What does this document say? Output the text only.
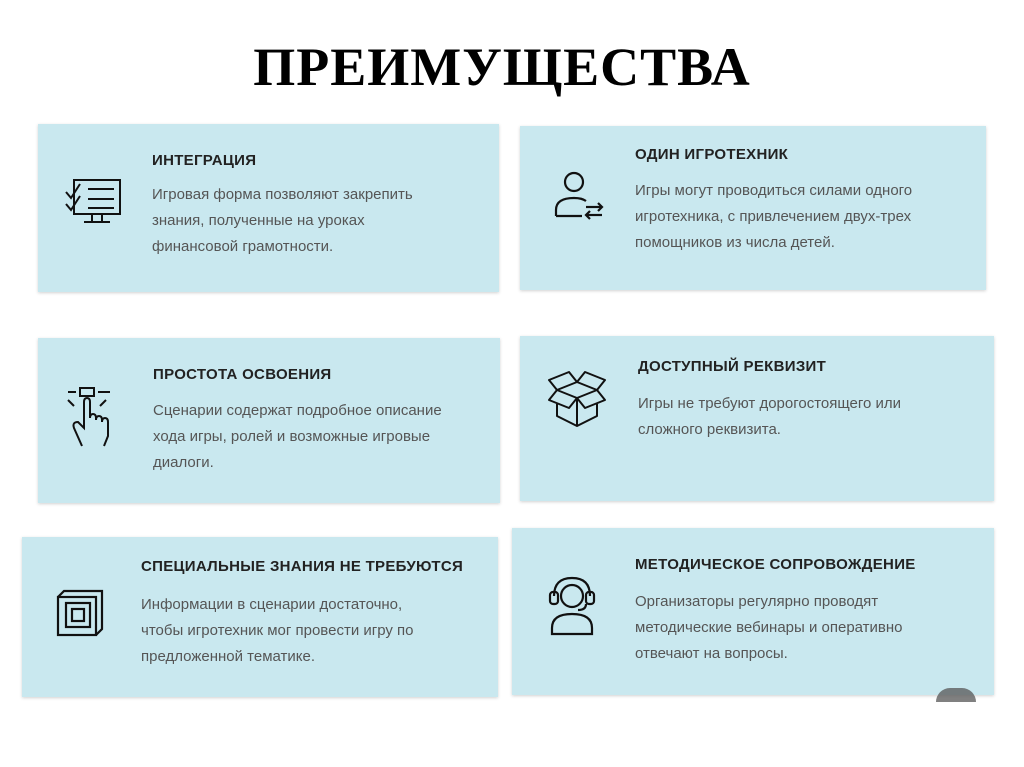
ПРЕИМУЩЕСТВА
ИНТЕГРАЦИЯ

Игровая форма позволяют закрепить
знания, полученные на уроках
финансовой грамотности.

ОДИН ИГРОТЕХНИК

Игры могут проводиться силами одного
игротехника, с привлечением двух-трех
помощников из числа детей.

ПРОСТОТА ОСВОЕНИЯ

Сценарии содержат подробное описание
хода игры, ролей и возможные игровые
диалоги.

ДОСТУПНЫЙ РЕКВИЗИТ

Игры не требуют дорогостоящего или
сложного реквизита.

СПЕЦИАЛЬНЫЕ ЗНАНИЯ НЕ ТРЕБУЮТСЯ

Информации в сценарии достаточно,
чтобы игротехник мог провести игру по
предложенной тематике.

МЕТОДИЧЕСКОЕ СОПРОВОЖДЕНИЕ

Организаторы регулярно проводят
методические вебинары и оперативно
отвечают на вопросы.
